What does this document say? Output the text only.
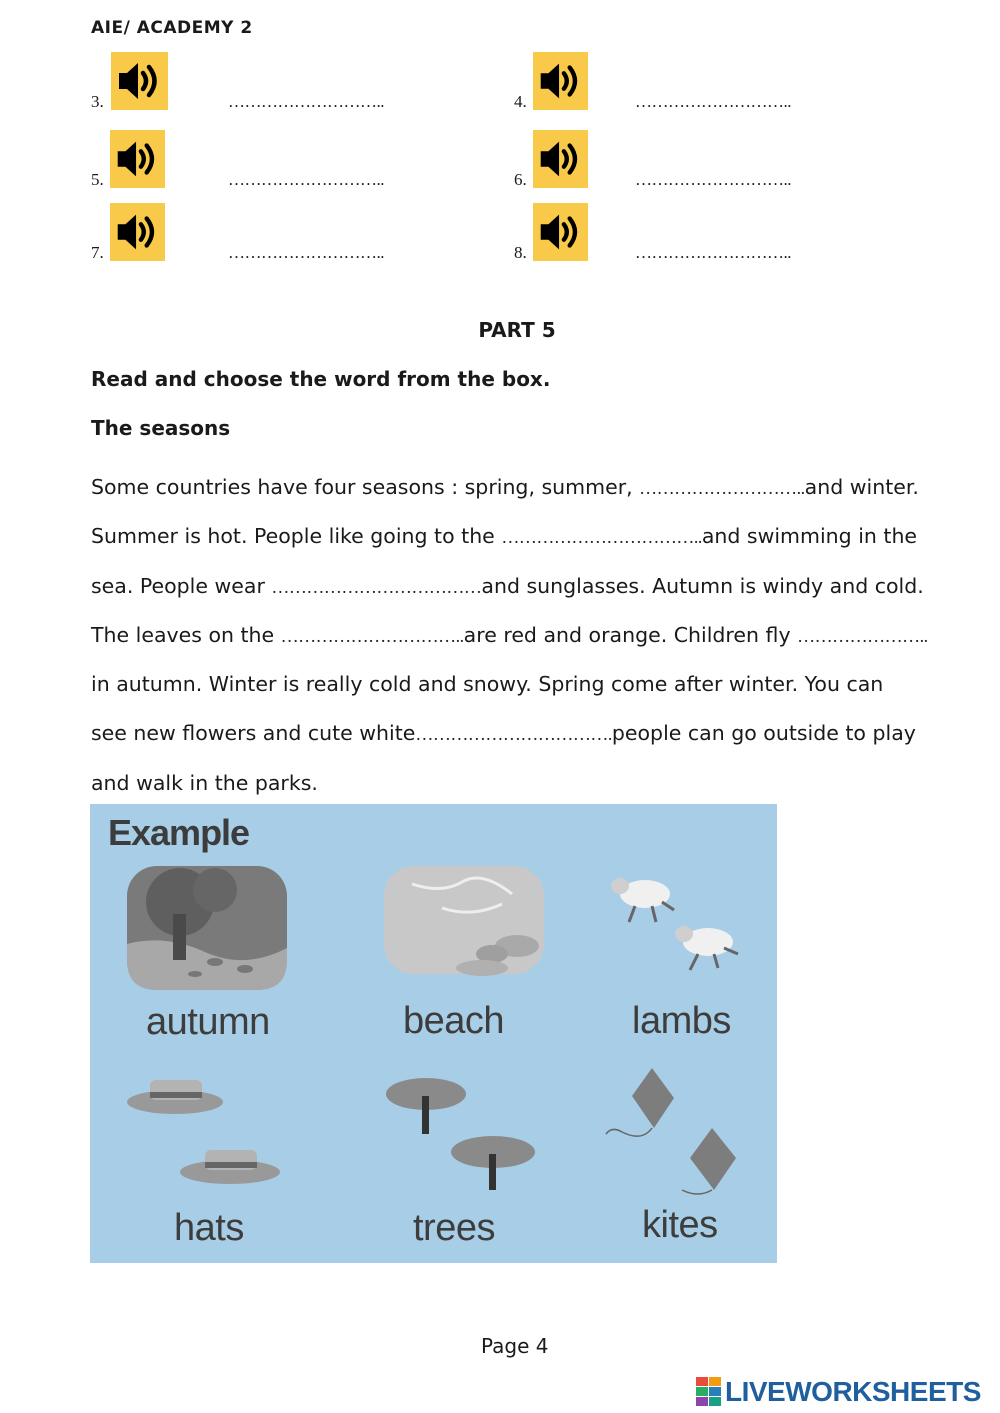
AIE/ ACADEMY 2
3.	………………………..	4.	………………………..
5.	………………………..	6.	………………………..
7.	………………………..	8.	………………………..
PART 5
Read and choose the word from the box.
The seasons
Some countries have four seasons : spring, summer, ………………………..and winter.
Summer is hot. People like going to the ……………………………..and swimming in the
sea. People wear ………………………………and sunglasses. Autumn is windy and cold.
The leaves on the …………………………..are red and orange. Children fly …………………..
in autumn. Winter is really cold and snowy. Spring come after winter. You can
see new flowers and cute white…………………………….people can go outside to play
and walk in the parks.
Example
autumn	beach	lambs
hats	trees	kites
Page 4
LIVEWORKSHEETS
